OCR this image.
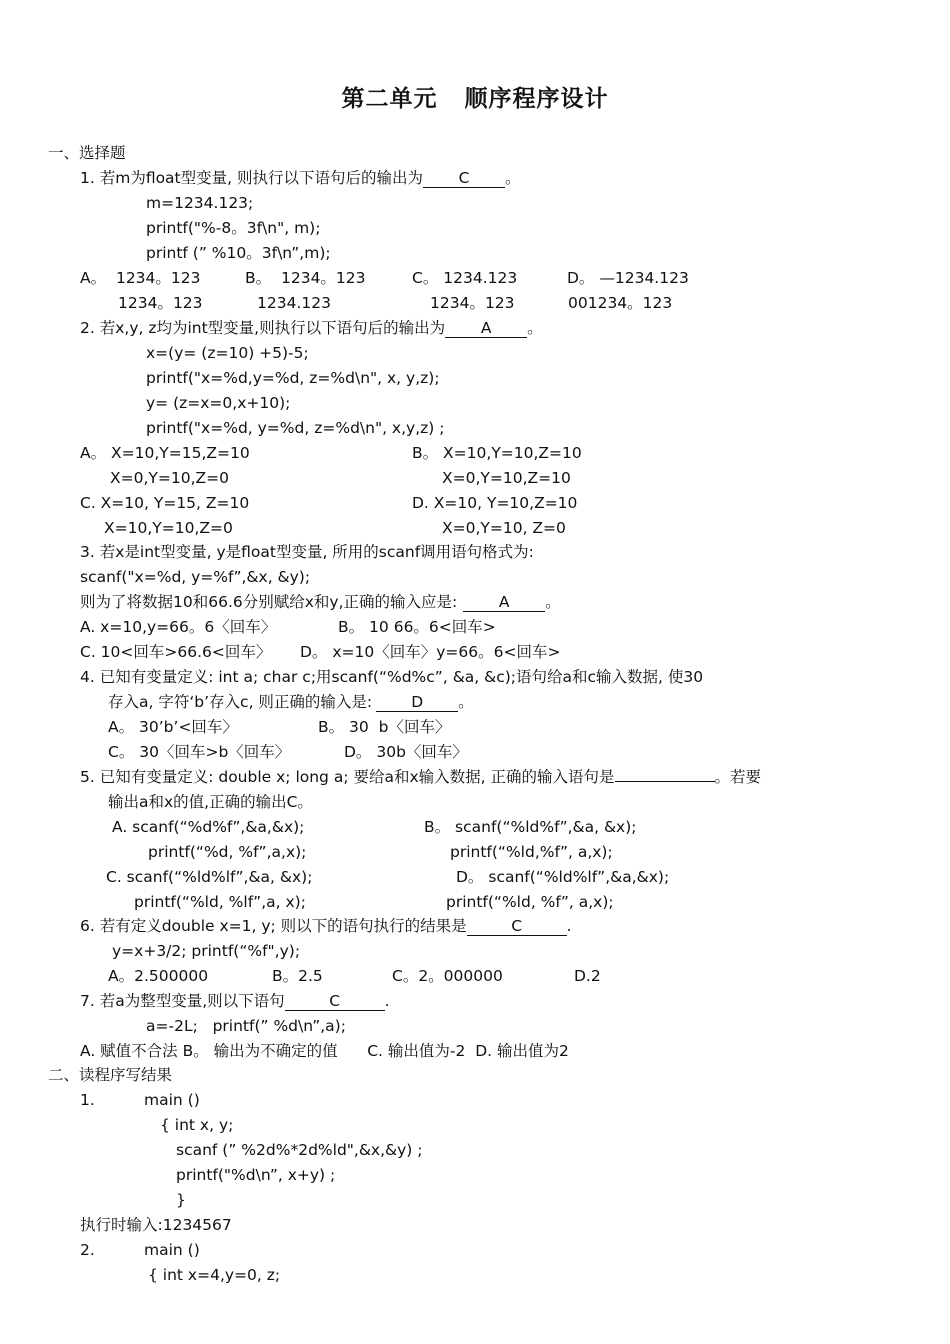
第二单元   顺序程序设计
一、选择题
1. 若m为float型变量, 则执行以下语句后的输出为 C 。
m=1234.123;
printf("%-8。3f\n", m);
printf (” %10。3f\n”,m);
A。  1234。123	B。  1234。123	C。 1234.123	D。 —1234.123
1234。123	1234.123	1234。123	001234。123
2. 若x,y, z均为int型变量,则执行以下语句后的输出为 A 。
x=(y= (z=10) +5)-5;
printf("x=%d,y=%d, z=%d\n", x, y,z);
y= (z=x=0,x+10);
printf("x=%d, y=%d, z=%d\n", x,y,z) ;
A。 X=10,Y=15,Z=10	B。 X=10,Y=10,Z=10
X=0,Y=10,Z=0	X=0,Y=10,Z=10
C. X=10, Y=15, Z=10	D. X=10, Y=10,Z=10
X=10,Y=10,Z=0	X=0,Y=10, Z=0
3. 若x是int型变量, y是float型变量, 所用的scanf调用语句格式为:
scanf("x=%d, y=%f”,&x, &y);
则为了将数据10和66.6分别赋给x和y,正确的输入应是:	A 。
A. x=10,y=66。6〈回车〉	B。 10 66。6<回车>
C. 10<回车>66.6<回车〉 D。 x=10〈回车〉y=66。6<回车>
4. 已知有变量定义: int a; char c;用scanf(“%d%c”, &a, &c);语句给a和c输入数据, 使30
存入a, 字符‘b’存入c, 则正确的输入是:	D 。
A。 30’b’<回车〉	B。 30  b〈回车〉
C。 30〈回车>b〈回车〉	D。 30b〈回车〉
5. 已知有变量定义: double x; long a; 要给a和x输入数据, 正确的输入语句是	。若要
输出a和x的值,正确的输出C。
A. scanf(“%d%f”,&a,&x);	B。 scanf(“%ld%f”,&a, &x);
printf(“%d, %f”,a,x);	printf(“%ld,%f”, a,x);
C. scanf(“%ld%lf”,&a, &x);	D。 scanf(“%ld%lf”,&a,&x);
printf(“%ld, %lf”,a, x);	printf(“%ld, %f”, a,x);
6. 若有定义double x=1, y; 则以下的语句执行的结果是	C	.
y=x+3/2; printf(“%f",y);
A。2.500000	B。2.5	C。2。000000	D.2
7. 若a为整型变量,则以下语句	C	.
a=-2L;   printf(” %d\n”,a);
A. 赋值不合法 B。 输出为不确定的值      C. 输出值为-2  D. 输出值为2
二、读程序写结果
1.	main ()
{ int x, y;
scanf (” %2d%*2d%ld",&x,&y) ;
printf("%d\n”, x+y) ;
}
执行时输入:1234567
2.	main ()
{ int x=4,y=0, z;
